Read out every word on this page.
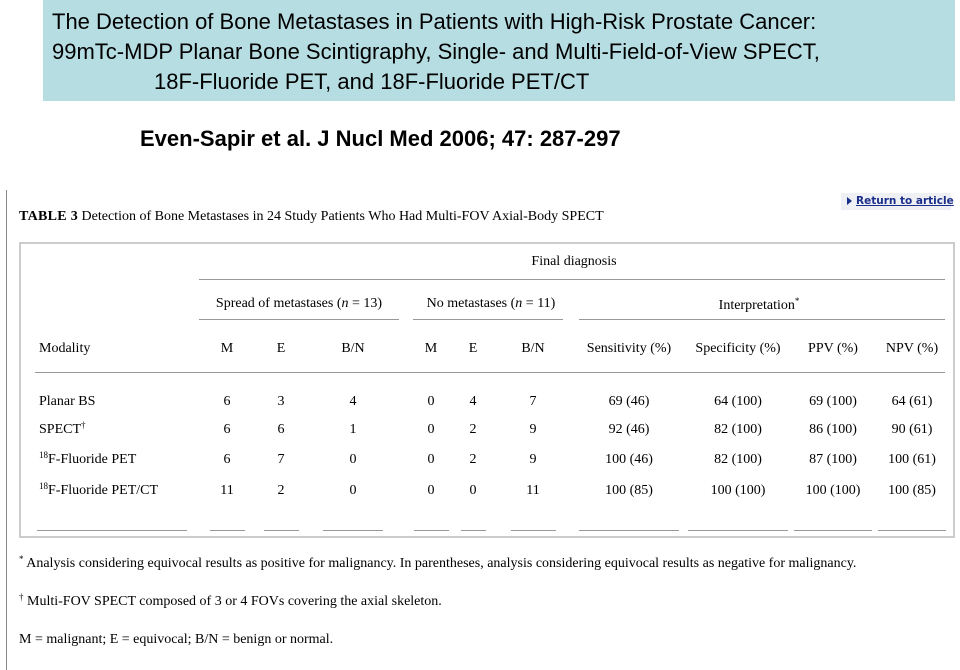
The Detection of Bone Metastases in Patients with High-Risk Prostate Cancer:
99mTc-MDP Planar Bone Scintigraphy, Single- and Multi-Field-of-View SPECT,
18F-Fluoride PET, and 18F-Fluoride PET/CT
Even-Sapir et al. J Nucl Med 2006; 47: 287-297
Return to article
TABLE 3 Detection of Bone Metastases in 24 Study Patients Who Had Multi-FOV Axial-Body SPECT
Final diagnosis
Spread of metastases (n = 13)	No metastases (n = 11)	Interpretation*
Modality	M	E	B/N	M E	B/N	Sensitivity (%) Specificity (%) PPV (%) NPV (%)
Planar BS	6	3	4	0	4	7	69 (46)	64 (100)	69 (100) 64 (61)
SPECT†	6	6	1	0	2	9	92 (46)	82 (100)	86 (100) 90 (61)
$^{18}$F-Fluoride PET	6	7	0	0	2	9	100 (46)	82 (100)	87 (100) 100 (61)
$^{18}$F-Fluoride PET/CT	11	2	0	0	0	11	100 (85)	100 (100)	100 (100) 100 (85)
* Analysis considering equivocal results as positive for malignancy. In parentheses, analysis considering equivocal results as negative for malignancy.
† Multi-FOV SPECT composed of 3 or 4 FOVs covering the axial skeleton.
M = malignant; E = equivocal; B/N = benign or normal.
